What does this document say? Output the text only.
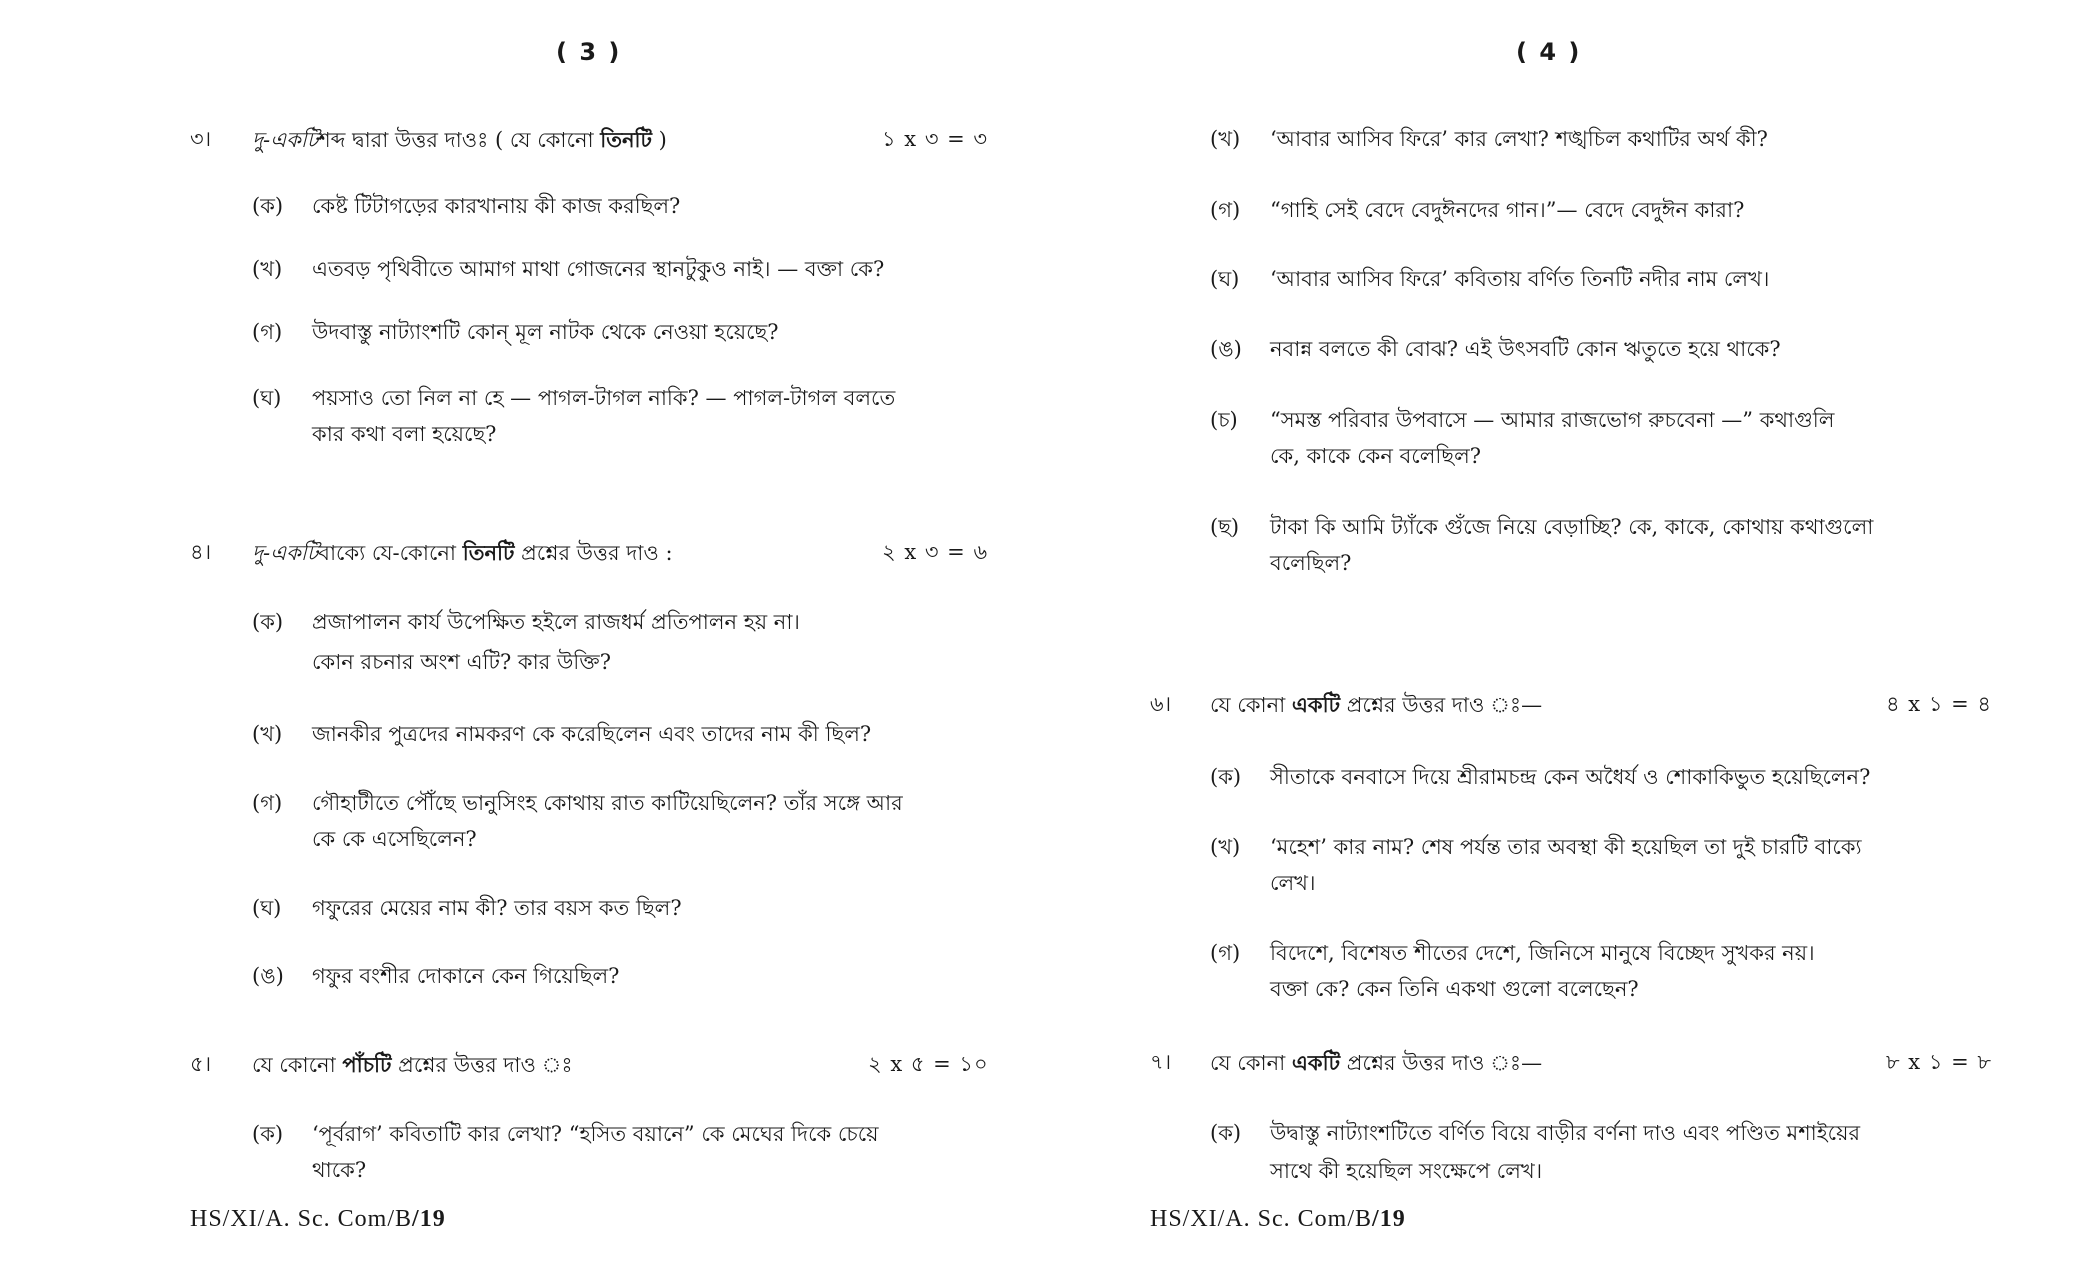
( 3 )
৩। দু-একটিশব্দ দ্বারা উত্তর দাওঃ ( যে কোনো তিনটি )	১ x ৩ = ৩
(ক) কেষ্ট টিটাগড়ের কারখানায় কী কাজ করছিল?
(খ) এতবড় পৃথিবীতে আমাগ মাথা গোজনের স্থানটুকুও নাই। — বক্তা কে?
(গ) উদবাস্তু নাট্যাংশটি কোন্ মূল নাটক থেকে নেওয়া হয়েছে?
(ঘ) পয়সাও তো নিল না হে — পাগল-টাগল নাকি? — পাগল-টাগল বলতে
কার কথা বলা হয়েছে?
৪। দু-একটিবাক্যে যে-কোনো তিনটি প্রশ্নের উত্তর দাও :	২ x ৩ = ৬
(ক) প্রজাপালন কার্য উপেক্ষিত হইলে রাজধর্ম প্রতিপালন হয় না।
কোন রচনার অংশ এটি? কার উক্তি?
(খ) জানকীর পুত্রদের নামকরণ কে করেছিলেন এবং তাদের নাম কী ছিল?
(গ) গৌহাটীতে পৌঁছে ভানুসিংহ কোথায় রাত কাটিয়েছিলেন? তাঁর সঙ্গে আর
কে কে এসেছিলেন?
(ঘ) গফুরের মেয়ের নাম কী? তার বয়স কত ছিল?
(ঙ) গফুর বংশীর দোকানে কেন গিয়েছিল?
৫। যে কোনো পাঁচটি প্রশ্নের উত্তর দাও ঃ	২ x ৫ = ১০
(ক) ‘পূর্বরাগ’ কবিতাটি কার লেখা? “হসিত বয়ানে” কে মেঘের দিকে চেয়ে
থাকে?
HS/XI/A. Sc. Com/B/19
( 4 )
(খ) ‘আবার আসিব ফিরে’ কার লেখা? শঙ্খচিল কথাটির অর্থ কী?
(গ) “গাহি সেই বেদে বেদুঈনদের গান।”— বেদে বেদুঈন কারা?
(ঘ) ‘আবার আসিব ফিরে’ কবিতায় বর্ণিত তিনটি নদীর নাম লেখ।
(ঙ) নবান্ন বলতে কী বোঝ? এই উৎসবটি কোন ঋতুতে হয়ে থাকে?
(চ) “সমস্ত পরিবার উপবাসে — আমার রাজভোগ রুচবেনা —” কথাগুলি
কে, কাকে কেন বলেছিল?
(ছ) টাকা কি আমি ট্যাঁকে গুঁজে নিয়ে বেড়াচ্ছি? কে, কাকে, কোথায় কথাগুলো
বলেছিল?
৬। যে কোনা একটি প্রশ্নের উত্তর দাও ঃ—	৪ x ১ = ৪
(ক) সীতাকে বনবাসে দিয়ে শ্রীরামচন্দ্র কেন অধৈর্য ও শোকাকিভুত হয়েছিলেন?
(খ) ‘মহেশ’ কার নাম? শেষ পর্যন্ত তার অবস্থা কী হয়েছিল তা দুই চারটি বাক্যে
লেখ।
(গ) বিদেশে, বিশেষত শীতের দেশে, জিনিসে মানুষে বিচ্ছেদ সুখকর নয়।
বক্তা কে? কেন তিনি একথা গুলো বলেছেন?
৭। যে কোনা একটি প্রশ্নের উত্তর দাও ঃ—	৮ x ১ = ৮
(ক) উদ্বাস্তু নাট্যাংশটিতে বর্ণিত বিয়ে বাড়ীর বর্ণনা দাও এবং পণ্ডিত মশাইয়ের
সাথে কী হয়েছিল সংক্ষেপে লেখ।
HS/XI/A. Sc. Com/B/19
